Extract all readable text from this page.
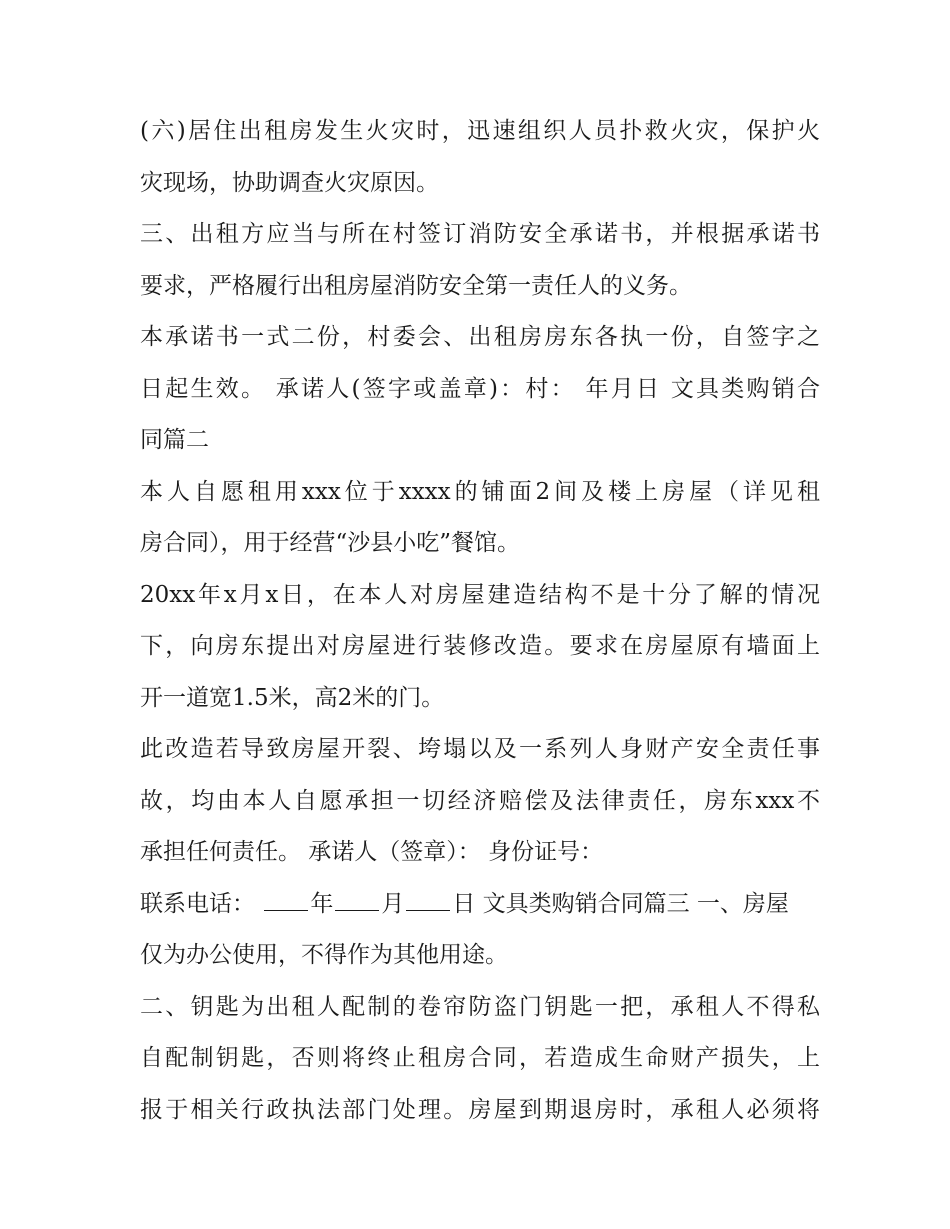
(六)居住出租房发生火灾时，迅速组织人员扑救火灾，保护火
灾现场，协助调查火灾原因。
三、出租方应当与所在村签订消防安全承诺书，并根据承诺书
要求，严格履行出租房屋消防安全第一责任人的义务。
本承诺书一式二份，村委会、出租房房东各执一份，自签字之
日起生效。 承诺人(签字或盖章)：村： 年月日 文具类购销合
同篇二
本人自愿租用xxx位于xxxx的铺面2间及楼上房屋（详见租
房合同），用于经营“沙县小吃”餐馆。
20xx年x月x日，在本人对房屋建造结构不是十分了解的情况
下，向房东提出对房屋进行装修改造。要求在房屋原有墙面上
开一道宽1.5米，高2米的门。
此改造若导致房屋开裂、垮塌以及一系列人身财产安全责任事
故，均由本人自愿承担一切经济赔偿及法律责任，房东xxx不
承担任何责任。 承诺人（签章）： 身份证号：
联系电话： 年 月 日 文具类购销合同篇三 一、房屋
仅为办公使用，不得作为其他用途。
二、钥匙为出租人配制的卷帘防盗门钥匙一把，承租人不得私
自配制钥匙，否则将终止租房合同，若造成生命财产损失，上
报于相关行政执法部门处理。房屋到期退房时，承租人必须将
